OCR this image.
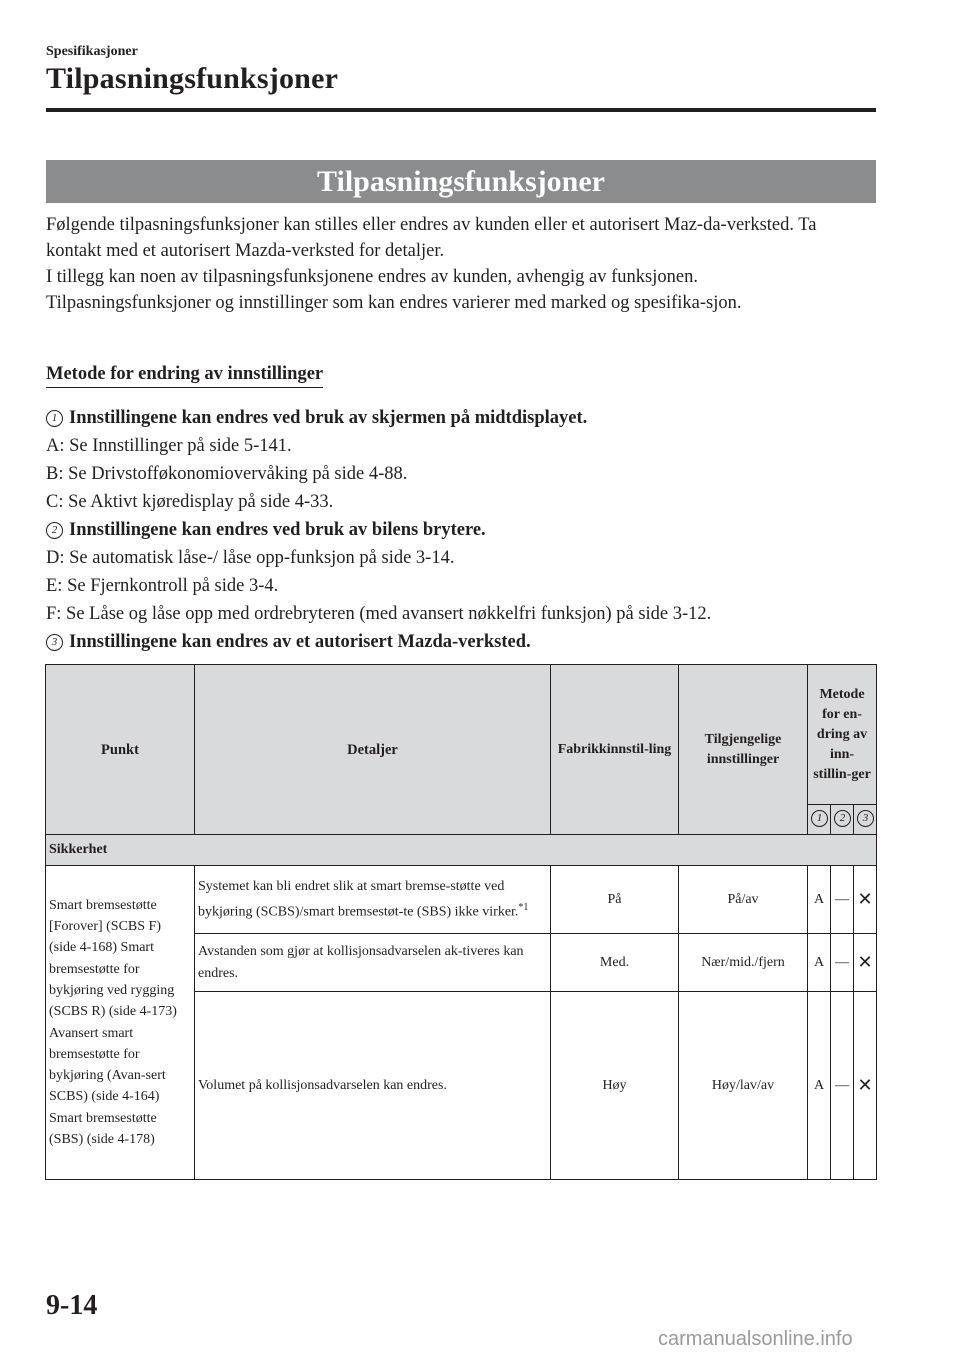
Spesifikasjoner
Tilpasningsfunksjoner
Tilpasningsfunksjoner
Følgende tilpasningsfunksjoner kan stilles eller endres av kunden eller et autorisert Maz-da-verksted. Ta kontakt med et autorisert Mazda-verksted for detaljer.
I tillegg kan noen av tilpasningsfunksjonene endres av kunden, avhengig av funksjonen.
Tilpasningsfunksjoner og innstillinger som kan endres varierer med marked og spesifika-sjon.
Metode for endring av innstillinger
1 Innstillingene kan endres ved bruk av skjermen på midtdisplayet.
A: Se Innstillinger på side 5-141.
B: Se Drivstofføkonomiovervåking på side 4-88.
C: Se Aktivt kjøredisplay på side 4-33.
2 Innstillingene kan endres ved bruk av bilens brytere.
D: Se automatisk låse-/ låse opp-funksjon på side 3-14.
E: Se Fjernkontroll på side 3-4.
F: Se Låse og låse opp med ordrebryteren (med avansert nøkkelfri funksjon) på side 3-12.
3 Innstillingene kan endres av et autorisert Mazda-verksted.
Punkt	Detaljer	Fabrikkinnstil-ling	Tilgjengelige innstillinger	Metode for en-dring av inn-stillin-ger		
				1	2	3
Sikkerhet						
Smart bremsestøtte [Forover] (SCBS F) (side 4-168) Smart bremsestøtte for bykjøring ved rygging (SCBS R) (side 4-173) Avansert smart bremsestøtte for bykjøring (Avan-sert SCBS) (side 4-164) Smart bremsestøtte (SBS) (side 4-178)	Systemet kan bli endret slik at smart bremse-støtte ved bykjøring (SCBS)/smart bremsestøt-te (SBS) ikke virker.$^{*1}$	På	På/av	A	—	✕
	Avstanden som gjør at kollisjonsadvarselen ak-tiveres kan endres.	Med.	Nær/mid./fjern	A	—	✕
	Volumet på kollisjonsadvarselen kan endres.	Høy	Høy/lav/av	A	—	✕
9-14
carmanualsonline.info
